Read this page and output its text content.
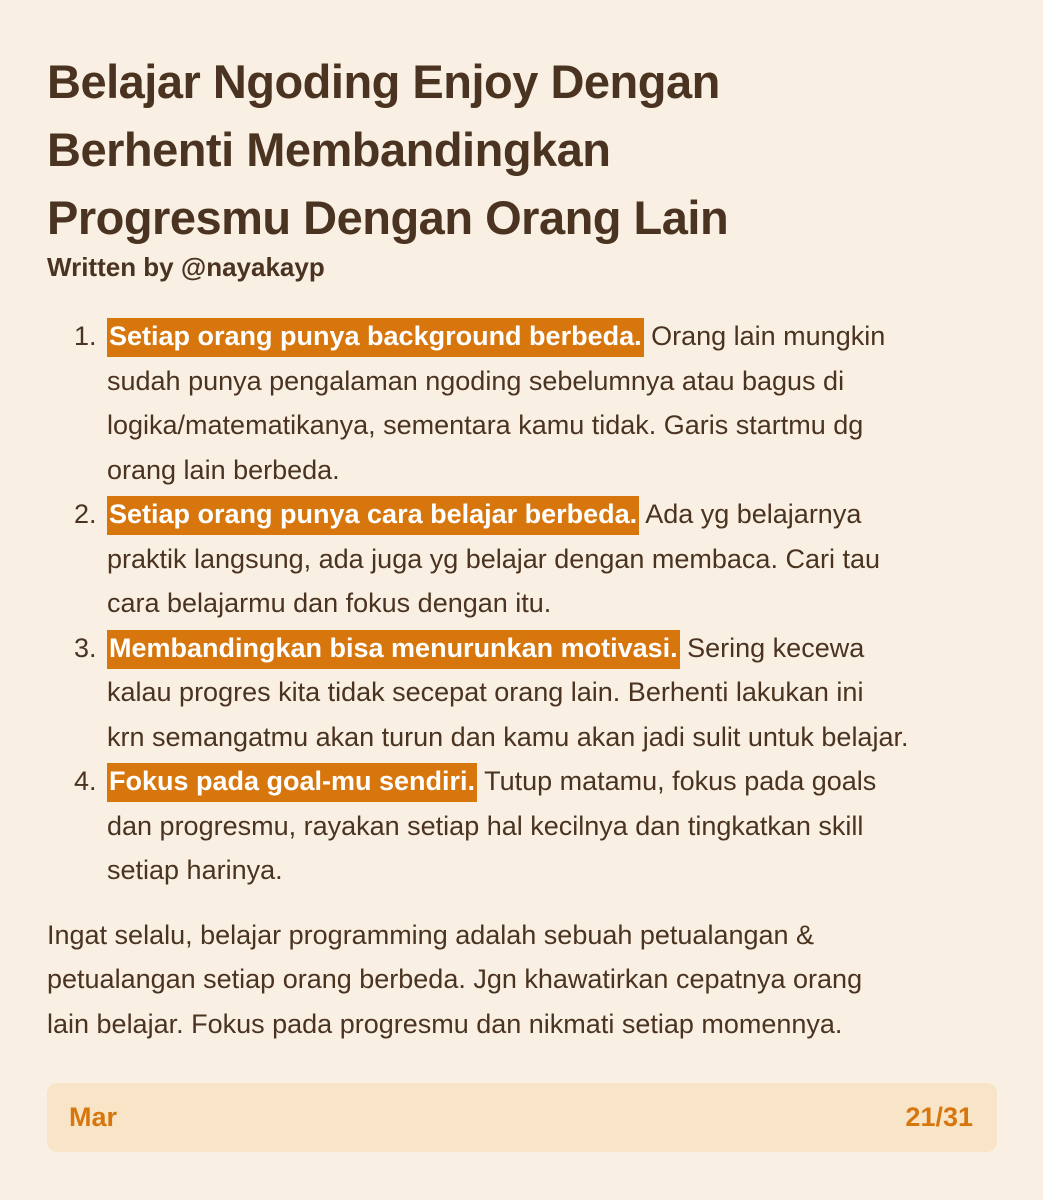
Belajar Ngoding Enjoy Dengan
Berhenti Membandingkan
Progresmu Dengan Orang Lain
Written by @nayakayp
1. Setiap orang punya background berbeda. Orang lain mungkin
sudah punya pengalaman ngoding sebelumnya atau bagus di
logika/matematikanya, sementara kamu tidak. Garis startmu dg
orang lain berbeda.
2. Setiap orang punya cara belajar berbeda. Ada yg belajarnya
praktik langsung, ada juga yg belajar dengan membaca. Cari tau
cara belajarmu dan fokus dengan itu.
3. Membandingkan bisa menurunkan motivasi. Sering kecewa
kalau progres kita tidak secepat orang lain. Berhenti lakukan ini
krn semangatmu akan turun dan kamu akan jadi sulit untuk belajar.
4. Fokus pada goal-mu sendiri. Tutup matamu, fokus pada goals
dan progresmu, rayakan setiap hal kecilnya dan tingkatkan skill
setiap harinya.
Ingat selalu, belajar programming adalah sebuah petualangan &
petualangan setiap orang berbeda. Jgn khawatirkan cepatnya orang
lain belajar. Fokus pada progresmu dan nikmati setiap momennya.
Mar	21/31
